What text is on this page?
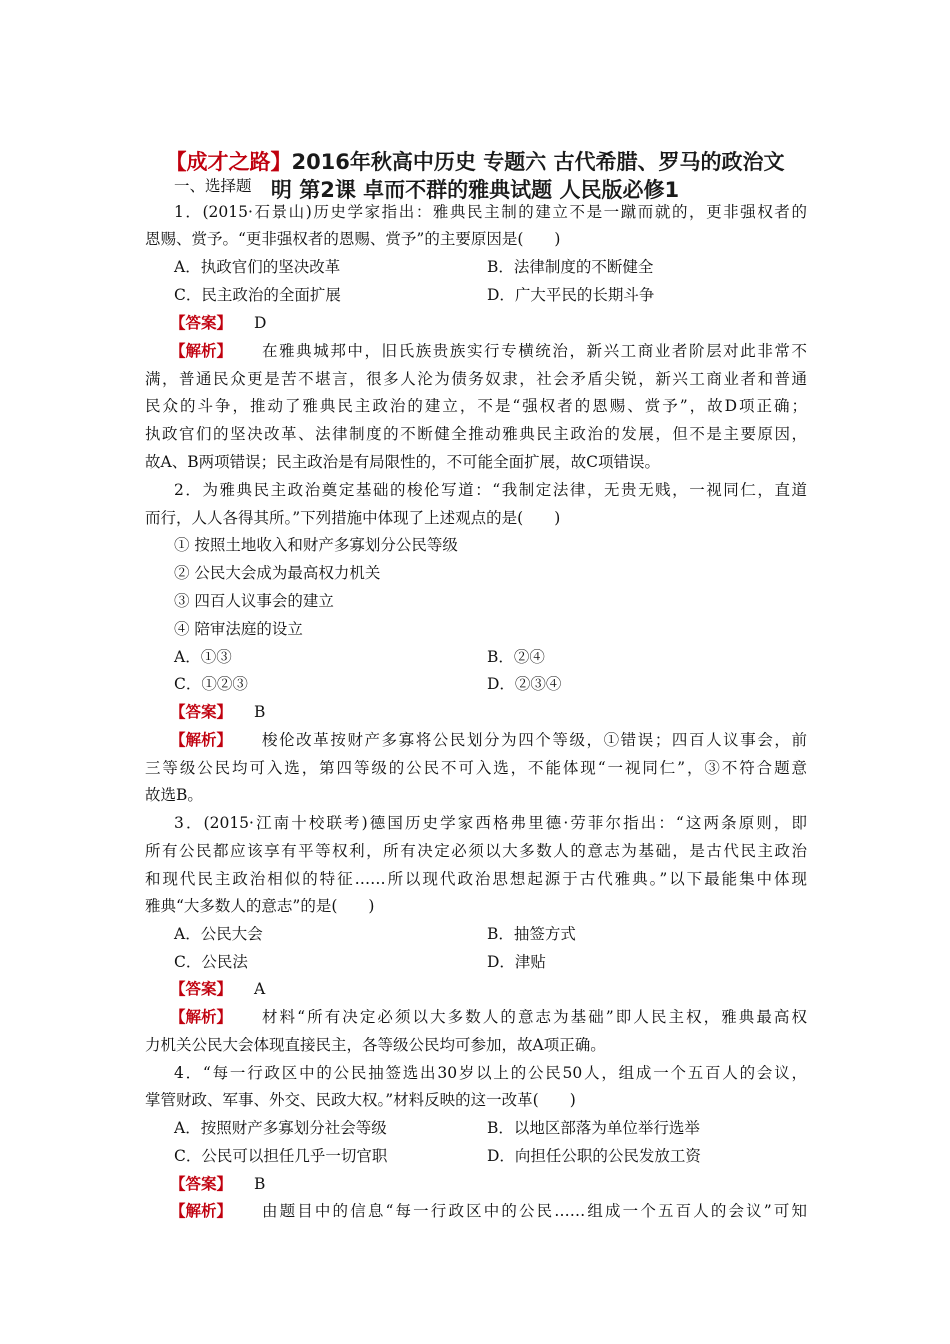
【成才之路】2016年秋高中历史 专题六 古代希腊、罗马的政治文
明 第2课 卓而不群的雅典试题 人民版必修1
一、选择题
1．(2015·石景山)历史学家指出：雅典民主制的建立不是一蹴而就的，更非强权者的
恩赐、赏予。“更非强权者的恩赐、赏予”的主要原因是(　　)
A．执政官们的坚决改革	B．法律制度的不断健全
C．民主政治的全面扩展	D．广大平民的长期斗争
【答案】 D
【解析】 在雅典城邦中，旧氏族贵族实行专横统治，新兴工商业者阶层对此非常不
满，普通民众更是苦不堪言，很多人沦为债务奴隶，社会矛盾尖锐，新兴工商业者和普通
民众的斗争，推动了雅典民主政治的建立，不是“强权者的恩赐、赏予”，故D项正确；
执政官们的坚决改革、法律制度的不断健全推动雅典民主政治的发展，但不是主要原因，
故A、B两项错误；民主政治是有局限性的，不可能全面扩展，故C项错误。
2．为雅典民主政治奠定基础的梭伦写道：“我制定法律，无贵无贱，一视同仁，直道
而行，人人各得其所。”下列措施中体现了上述观点的是(　　)
① 按照土地收入和财产多寡划分公民等级
② 公民大会成为最高权力机关
③ 四百人议事会的建立
④ 陪审法庭的设立
A．①③	B．②④
C．①②③	D．②③④
【答案】 B
【解析】 梭伦改革按财产多寡将公民划分为四个等级，①错误；四百人议事会，前
三等级公民均可入选，第四等级的公民不可入选，不能体现“一视同仁”，③不符合题意
故选B。
3．(2015·江南十校联考)德国历史学家西格弗里德·劳菲尔指出：“这两条原则，即
所有公民都应该享有平等权利，所有决定必须以大多数人的意志为基础，是古代民主政治
和现代民主政治相似的特征……所以现代政治思想起源于古代雅典。”以下最能集中体现
雅典“大多数人的意志”的是(　　)
A．公民大会	B．抽签方式
C．公民法	D．津贴
【答案】 A
【解析】 材料“所有决定必须以大多数人的意志为基础”即人民主权，雅典最高权
力机关公民大会体现直接民主，各等级公民均可参加，故A项正确。
4．“每一行政区中的公民抽签选出30岁以上的公民50人，组成一个五百人的会议，
掌管财政、军事、外交、民政大权。”材料反映的这一改革(　　)
A．按照财产多寡划分社会等级	B．以地区部落为单位举行选举
C．公民可以担任几乎一切官职	D．向担任公职的公民发放工资
【答案】 B
【解析】 由题目中的信息“每一行政区中的公民……组成一个五百人的会议”可知
